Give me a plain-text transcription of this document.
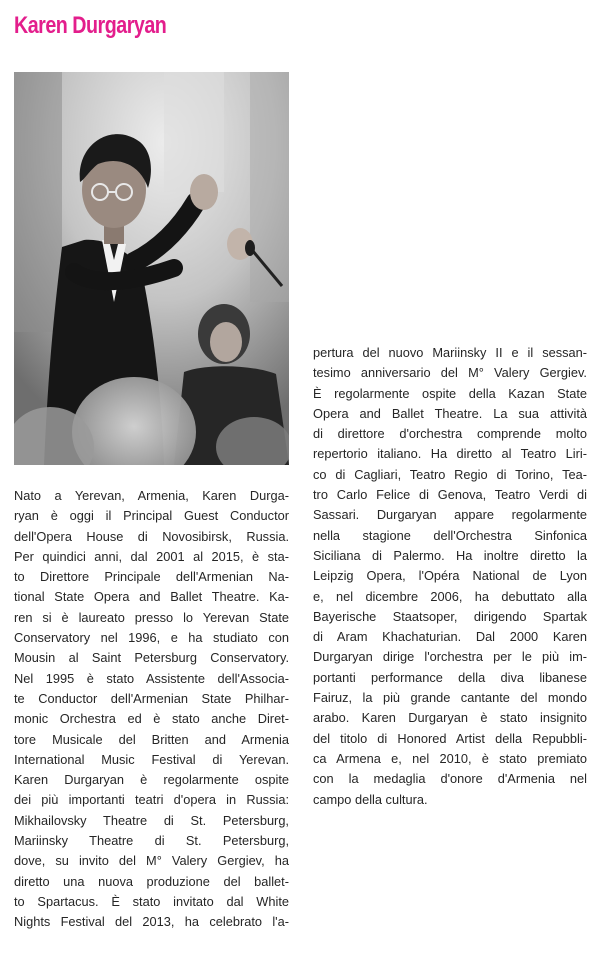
Karen Durgaryan
Nato a Yerevan, Armenia, Karen Durga-
ryan è oggi il Principal Guest Conductor
dell'Opera House di Novosibirsk, Russia.
Per quindici anni, dal 2001 al 2015, è sta-
to Direttore Principale dell'Armenian Na-
tional State Opera and Ballet Theatre. Ka-
ren si è laureato presso lo Yerevan State
Conservatory nel 1996, e ha studiato con
Mousin al Saint Petersburg Conservatory.
Nel 1995 è stato Assistente dell'Associa-
te Conductor dell'Armenian State Philhar-
monic Orchestra ed è stato anche Diret-
tore Musicale del Britten and Armenia
International Music Festival di Yerevan.
Karen Durgaryan è regolarmente ospite
dei più importanti teatri d'opera in Russia:
Mikhailovsky Theatre di St. Petersburg,
Mariinsky Theatre di St. Petersburg,
dove, su invito del M° Valery Gergiev, ha
diretto una nuova produzione del ballet-
to Spartacus. È stato invitato dal White
Nights Festival del 2013, ha celebrato l'a-
pertura del nuovo Mariinsky II e il sessan-
tesimo anniversario del M° Valery Gergiev.
È regolarmente ospite della Kazan State
Opera and Ballet Theatre. La sua attività
di direttore d'orchestra comprende molto
repertorio italiano. Ha diretto al Teatro Liri-
co di Cagliari, Teatro Regio di Torino, Tea-
tro Carlo Felice di Genova, Teatro Verdi di
Sassari. Durgaryan appare regolarmente
nella stagione dell'Orchestra Sinfonica
Siciliana di Palermo. Ha inoltre diretto la
Leipzig Opera, l'Opéra National de Lyon
e, nel dicembre 2006, ha debuttato alla
Bayerische Staatsoper, dirigendo Spartak
di Aram Khachaturian. Dal 2000 Karen
Durgaryan dirige l'orchestra per le più im-
portanti performance della diva libanese
Fairuz, la più grande cantante del mondo
arabo. Karen Durgaryan è stato insignito
del titolo di Honored Artist della Repubbli-
ca Armena e, nel 2010, è stato premiato
con la medaglia d'onore d'Armenia nel
campo della cultura.
